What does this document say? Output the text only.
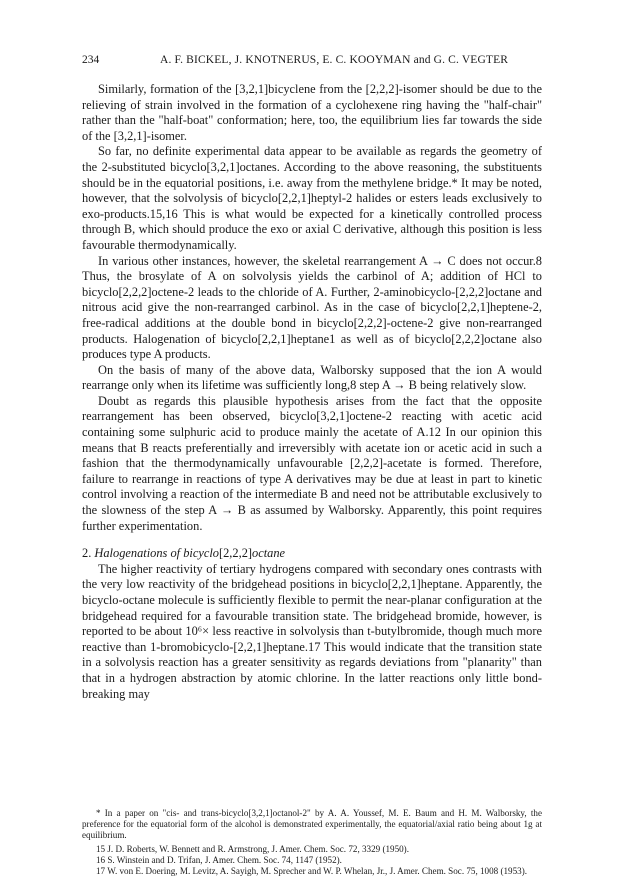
234	A. F. BICKEL, J. KNOTNERUS, E. C. KOOYMAN and G. C. VEGTER

Similarly, formation of the [3,2,1]bicyclene from the [2,2,2]-isomer should be due to the relieving of strain involved in the formation of a cyclohexene ring having the "half-chair" rather than the "half-boat" conformation; here, too, the equilibrium lies far towards the side of the [3,2,1]-isomer.

So far, no definite experimental data appear to be available as regards the geometry of the 2-substituted bicyclo[3,2,1]octanes. According to the above reasoning, the substituents should be in the equatorial positions, i.e. away from the methylene bridge.* It may be noted, however, that the solvolysis of bicyclo[2,2,1]heptyl-2 halides or esters leads exclusively to exo-products.15,16 This is what would be expected for a kinetically controlled process through B, which should produce the exo or axial C derivative, although this position is less favourable thermodynamically.

In various other instances, however, the skeletal rearrangement A → C does not occur.8 Thus, the brosylate of A on solvolysis yields the carbinol of A; addition of HCl to bicyclo[2,2,2]octene-2 leads to the chloride of A. Further, 2-aminobicyclo-[2,2,2]octane and nitrous acid give the non-rearranged carbinol. As in the case of bicyclo[2,2,1]heptene-2, free-radical additions at the double bond in bicyclo[2,2,2]-octene-2 give non-rearranged products. Halogenation of bicyclo[2,2,1]heptane1 as well as of bicyclo[2,2,2]octane also produces type A products.

On the basis of many of the above data, Walborsky supposed that the ion A would rearrange only when its lifetime was sufficiently long,8 step A → B being relatively slow.

Doubt as regards this plausible hypothesis arises from the fact that the opposite rearrangement has been observed, bicyclo[3,2,1]octene-2 reacting with acetic acid containing some sulphuric acid to produce mainly the acetate of A.12 In our opinion this means that B reacts preferentially and irreversibly with acetate ion or acetic acid in such a fashion that the thermodynamically unfavourable [2,2,2]-acetate is formed. Therefore, failure to rearrange in reactions of type A derivatives may be due at least in part to kinetic control involving a reaction of the intermediate B and need not be attributable exclusively to the slowness of the step A → B as assumed by Walborsky. Apparently, this point requires further experimentation.

2. Halogenations of bicyclo[2,2,2]octane

The higher reactivity of tertiary hydrogens compared with secondary ones contrasts with the very low reactivity of the bridgehead positions in bicyclo[2,2,1]heptane. Apparently, the bicyclo-octane molecule is sufficiently flexible to permit the near-planar configuration at the bridgehead required for a favourable transition state. The bridgehead bromide, however, is reported to be about 10⁶× less reactive in solvolysis than t-butylbromide, though much more reactive than 1-bromobicyclo-[2,2,1]heptane.17 This would indicate that the transition state in a solvolysis reaction has a greater sensitivity as regards deviations from "planarity" than that in a hydrogen abstraction by atomic chlorine. In the latter reactions only little bond-breaking may

* In a paper on "cis- and trans-bicyclo[3,2,1]octanol-2" by A. A. Youssef, M. E. Baum and H. M. Walborsky, the preference for the equatorial form of the alcohol is demonstrated experimentally, the equatorial/axial ratio being about 1g at equilibrium.

15 J. D. Roberts, W. Bennett and R. Armstrong, J. Amer. Chem. Soc. 72, 3329 (1950).

16 S. Winstein and D. Trifan, J. Amer. Chem. Soc. 74, 1147 (1952).

17 W. von E. Doering, M. Levitz, A. Sayigh, M. Sprecher and W. P. Whelan, Jr., J. Amer. Chem. Soc. 75, 1008 (1953).
